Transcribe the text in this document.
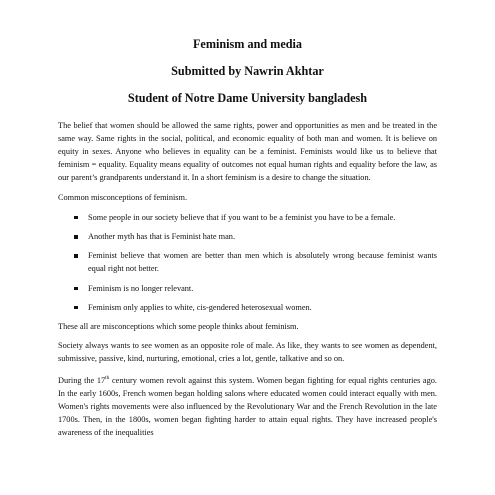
Feminism and media
Submitted by Nawrin Akhtar
Student of Notre Dame University bangladesh

The belief that women should be allowed the same rights, power and opportunities as men and be treated in the same way. Same rights in the social, political, and economic equality of both man and women. It is believe on equity in sexes. Anyone who believes in equality can be a feminist. Feminists would like us to believe that feminism = equality. Equality means equality of outcomes not equal human rights and equality before the law, as our parent’s grandparents understand it. In a short feminism is a desire to change the situation.

Common misconceptions of feminism.

Some people in our society believe that if you want to be a feminist you have to be a female.
Another myth has that is Feminist hate man.
Feminist believe that women are better than men which is absolutely wrong because feminist wants equal right not better.
Feminism is no longer relevant.
Feminism only applies to white, cis-gendered heterosexual women.

These all are misconceptions which some people thinks about feminism.

Society always wants to see women as an opposite role of male. As like, they wants to see women as dependent, submissive, passive, kind, nurturing, emotional, cries a lot, gentle, talkative and so on.

During the 17th century women revolt against this system. Women began fighting for equal rights centuries ago. In the early 1600s, French women began holding salons where educated women could interact equally with men. Women's rights movements were also influenced by the Revolutionary War and the French Revolution in the late 1700s. Then, in the 1800s, women began fighting harder to attain equal rights. They have increased people's awareness of the inequalities
